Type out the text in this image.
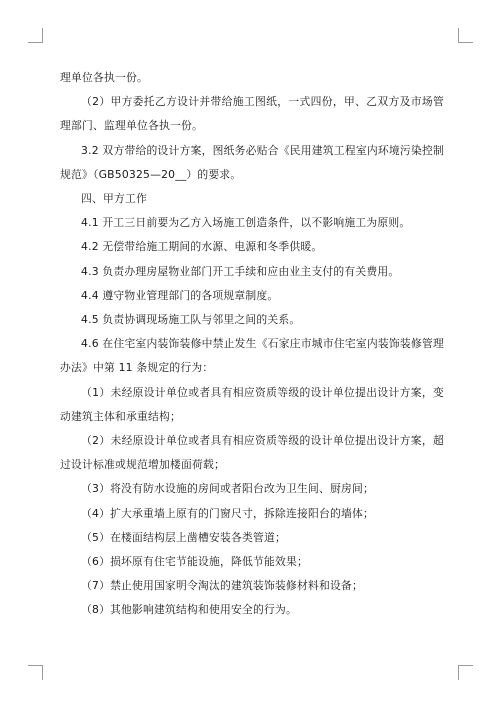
理单位各执一份。

（2）甲方委托乙方设计并带给施工图纸，一式四份，甲、乙双方及市场管理部门、监理单位各执一份。

3.2 双方带给的设计方案，图纸务必贴合《民用建筑工程室内环境污染控制规范》（GB50325—20__）的要求。

四、甲方工作

4.1 开工三日前要为乙方入场施工创造条件，以不影响施工为原则。

4.2 无偿带给施工期间的水源、电源和冬季供暖。

4.3 负责办理房屋物业部门开工手续和应由业主支付的有关费用。

4.4 遵守物业管理部门的各项规章制度。

4.5 负责协调现场施工队与邻里之间的关系。

4.6 在住宅室内装饰装修中禁止发生《石家庄市城市住宅室内装饰装修管理办法》中第 11 条规定的行为：

（1）未经原设计单位或者具有相应资质等级的设计单位提出设计方案，变动建筑主体和承重结构；

（2）未经原设计单位或者具有相应资质等级的设计单位提出设计方案，超过设计标准或规范增加楼面荷载；

（3）将没有防水设施的房间或者阳台改为卫生间、厨房间；

（4）扩大承重墙上原有的门窗尺寸，拆除连接阳台的墙体；

（5）在楼面结构层上凿槽安装各类管道；

（6）损坏原有住宅节能设施，降低节能效果；

（7）禁止使用国家明令淘汰的建筑装饰装修材料和设备；

（8）其他影响建筑结构和使用安全的行为。
